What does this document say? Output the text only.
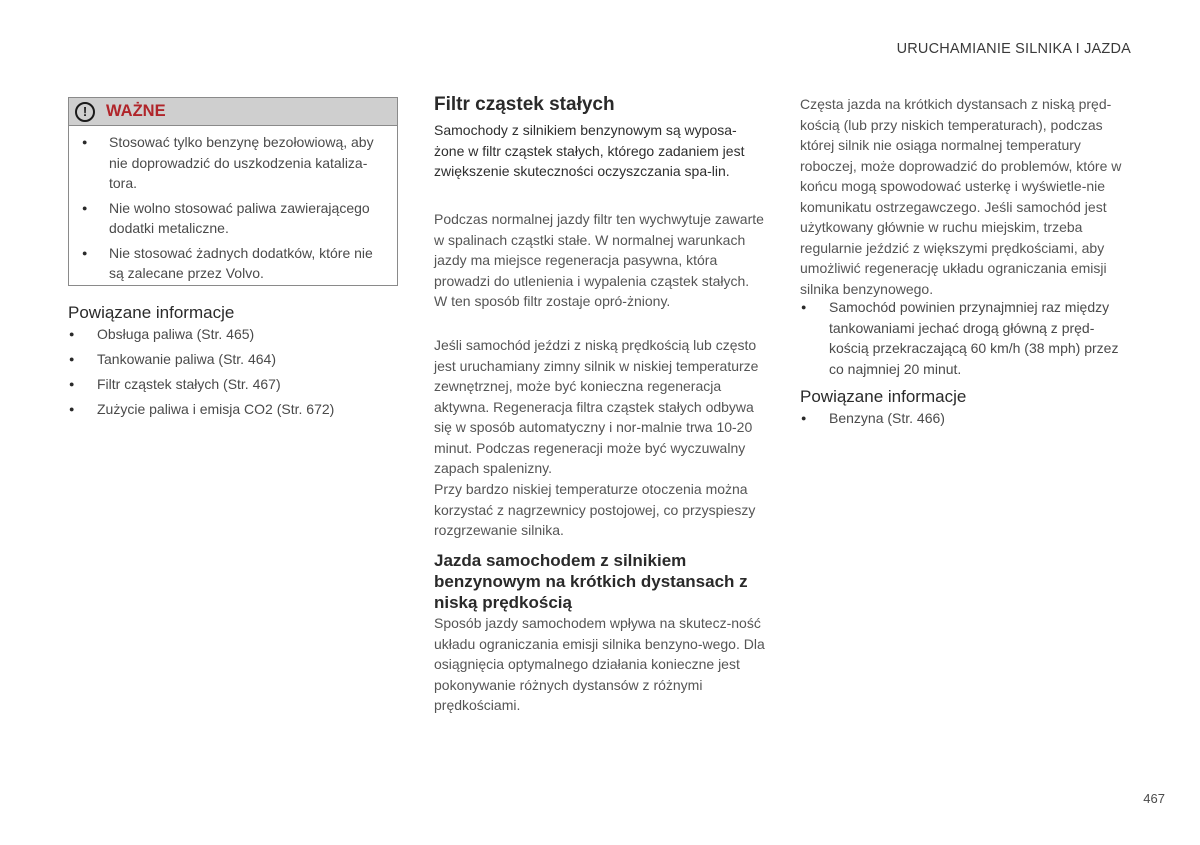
URUCHAMIANIE SILNIKA I JAZDA
!	WAŻNE
● Stosować tylko benzynę bezołowiową, aby nie doprowadzić do uszkodzenia kataliza-tora.
● Nie wolno stosować paliwa zawierającego dodatki metaliczne.
● Nie stosować żadnych dodatków, które nie są zalecane przez Volvo.
Powiązane informacje
● Obsługa paliwa (Str. 465)
● Tankowanie paliwa (Str. 464)
● Filtr cząstek stałych (Str. 467)
● Zużycie paliwa i emisja CO2 (Str. 672)
Filtr cząstek stałych

Samochody z silnikiem benzynowym są wyposa-żone w filtr cząstek stałych, którego zadaniem jest zwiększenie skuteczności oczyszczania spa-lin.

Podczas normalnej jazdy filtr ten wychwytuje zawarte w spalinach cząstki stałe. W normalnej warunkach jazdy ma miejsce regeneracja pasywna, która prowadzi do utlenienia i wypalenia cząstek stałych. W ten sposób filtr zostaje opró-żniony.

Jeśli samochód jeździ z niską prędkością lub często jest uruchamiany zimny silnik w niskiej temperaturze zewnętrznej, może być konieczna regeneracja aktywna. Regeneracja filtra cząstek stałych odbywa się w sposób automatyczny i nor-malnie trwa 10-20 minut. Podczas regeneracji może być wyczuwalny zapach spalenizny.

Przy bardzo niskiej temperaturze otoczenia można korzystać z nagrzewnicy postojowej, co przyspieszy rozgrzewanie silnika.

Jazda samochodem z silnikiem benzynowym na krótkich dystansach z niską prędkością

Sposób jazdy samochodem wpływa na skutecz-ność układu ograniczania emisji silnika benzyno-wego. Dla osiągnięcia optymalnego działania konieczne jest pokonywanie różnych dystansów z różnymi prędkościami.

Częsta jazda na krótkich dystansach z niską pręd-kością (lub przy niskich temperaturach), podczas której silnik nie osiąga normalnej temperatury roboczej, może doprowadzić do problemów, które w końcu mogą spowodować usterkę i wyświetle-nie komunikatu ostrzegawczego. Jeśli samochód jest użytkowany głównie w ruchu miejskim, trzeba regularnie jeździć z większymi prędkościami, aby umożliwić regenerację układu ograniczania emisji silnika benzynowego.

● Samochód powinien przynajmniej raz między tankowaniami jechać drogą główną z pręd-kością przekraczającą 60 km/h (38 mph) przez co najmniej 20 minut.
Powiązane informacje
● Benzyna (Str. 466)
467
